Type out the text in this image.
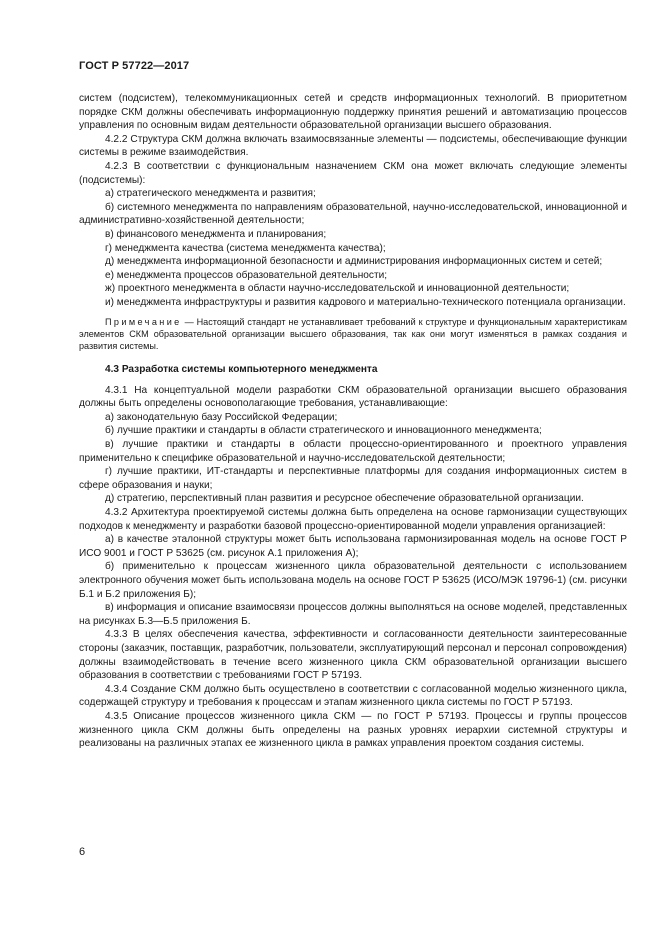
ГОСТ Р 57722—2017

систем (подсистем), телекоммуникационных сетей и средств информационных технологий. В приоритетном порядке СКМ должны обеспечивать информационную поддержку принятия решений и автоматизацию процессов управления по основным видам деятельности образовательной организации высшего образования.

4.2.2 Структура СКМ должна включать взаимосвязанные элементы — подсистемы, обеспечивающие функции системы в режиме взаимодействия.

4.2.3 В соответствии с функциональным назначением СКМ она может включать следующие элементы (подсистемы):

а) стратегического менеджмента и развития;

б) системного менеджмента по направлениям образовательной, научно-исследовательской, инновационной и административно-хозяйственной деятельности;

в) финансового менеджмента и планирования;

г) менеджмента качества (система менеджмента качества);

д) менеджмента информационной безопасности и администрирования информационных систем и сетей;

е) менеджмента процессов образовательной деятельности;

ж) проектного менеджмента в области научно-исследовательской и инновационной деятельности;

и) менеджмента инфраструктуры и развития кадрового и материально-технического потенциала организации.

Примечание — Настоящий стандарт не устанавливает требований к структуре и функциональным характеристикам элементов СКМ образовательной организации высшего образования, так как они могут изменяться в рамках создания и развития системы.

4.3 Разработка системы компьютерного менеджмента

4.3.1 На концептуальной модели разработки СКМ образовательной организации высшего образования должны быть определены основополагающие требования, устанавливающие:

а) законодательную базу Российской Федерации;

б) лучшие практики и стандарты в области стратегического и инновационного менеджмента;

в) лучшие практики и стандарты в области процессно-ориентированного и проектного управления применительно к специфике образовательной и научно-исследовательской деятельности;

г) лучшие практики, ИТ-стандарты и перспективные платформы для создания информационных систем в сфере образования и науки;

д) стратегию, перспективный план развития и ресурсное обеспечение образовательной организации.

4.3.2 Архитектура проектируемой системы должна быть определена на основе гармонизации существующих подходов к менеджменту и разработки базовой процессно-ориентированной модели управления организацией:

а) в качестве эталонной структуры может быть использована гармонизированная модель на основе ГОСТ Р ИСО 9001 и ГОСТ Р 53625 (см. рисунок А.1 приложения А);

б) применительно к процессам жизненного цикла образовательной деятельности с использованием электронного обучения может быть использована модель на основе ГОСТ Р 53625 (ИСО/МЭК 19796-1) (см. рисунки Б.1 и Б.2 приложения Б);

в) информация и описание взаимосвязи процессов должны выполняться на основе моделей, представленных на рисунках Б.3—Б.5 приложения Б.

4.3.3 В целях обеспечения качества, эффективности и согласованности деятельности заинтересованные стороны (заказчик, поставщик, разработчик, пользователи, эксплуатирующий персонал и персонал сопровождения) должны взаимодействовать в течение всего жизненного цикла СКМ образовательной организации высшего образования в соответствии с требованиями ГОСТ Р 57193.

4.3.4 Создание СКМ должно быть осуществлено в соответствии с согласованной моделью жизненного цикла, содержащей структуру и требования к процессам и этапам жизненного цикла системы по ГОСТ Р 57193.

4.3.5 Описание процессов жизненного цикла СКМ — по ГОСТ Р 57193. Процессы и группы процессов жизненного цикла СКМ должны быть определены на разных уровнях иерархии системной структуры и реализованы на различных этапах ее жизненного цикла в рамках управления проектом создания системы.

6
